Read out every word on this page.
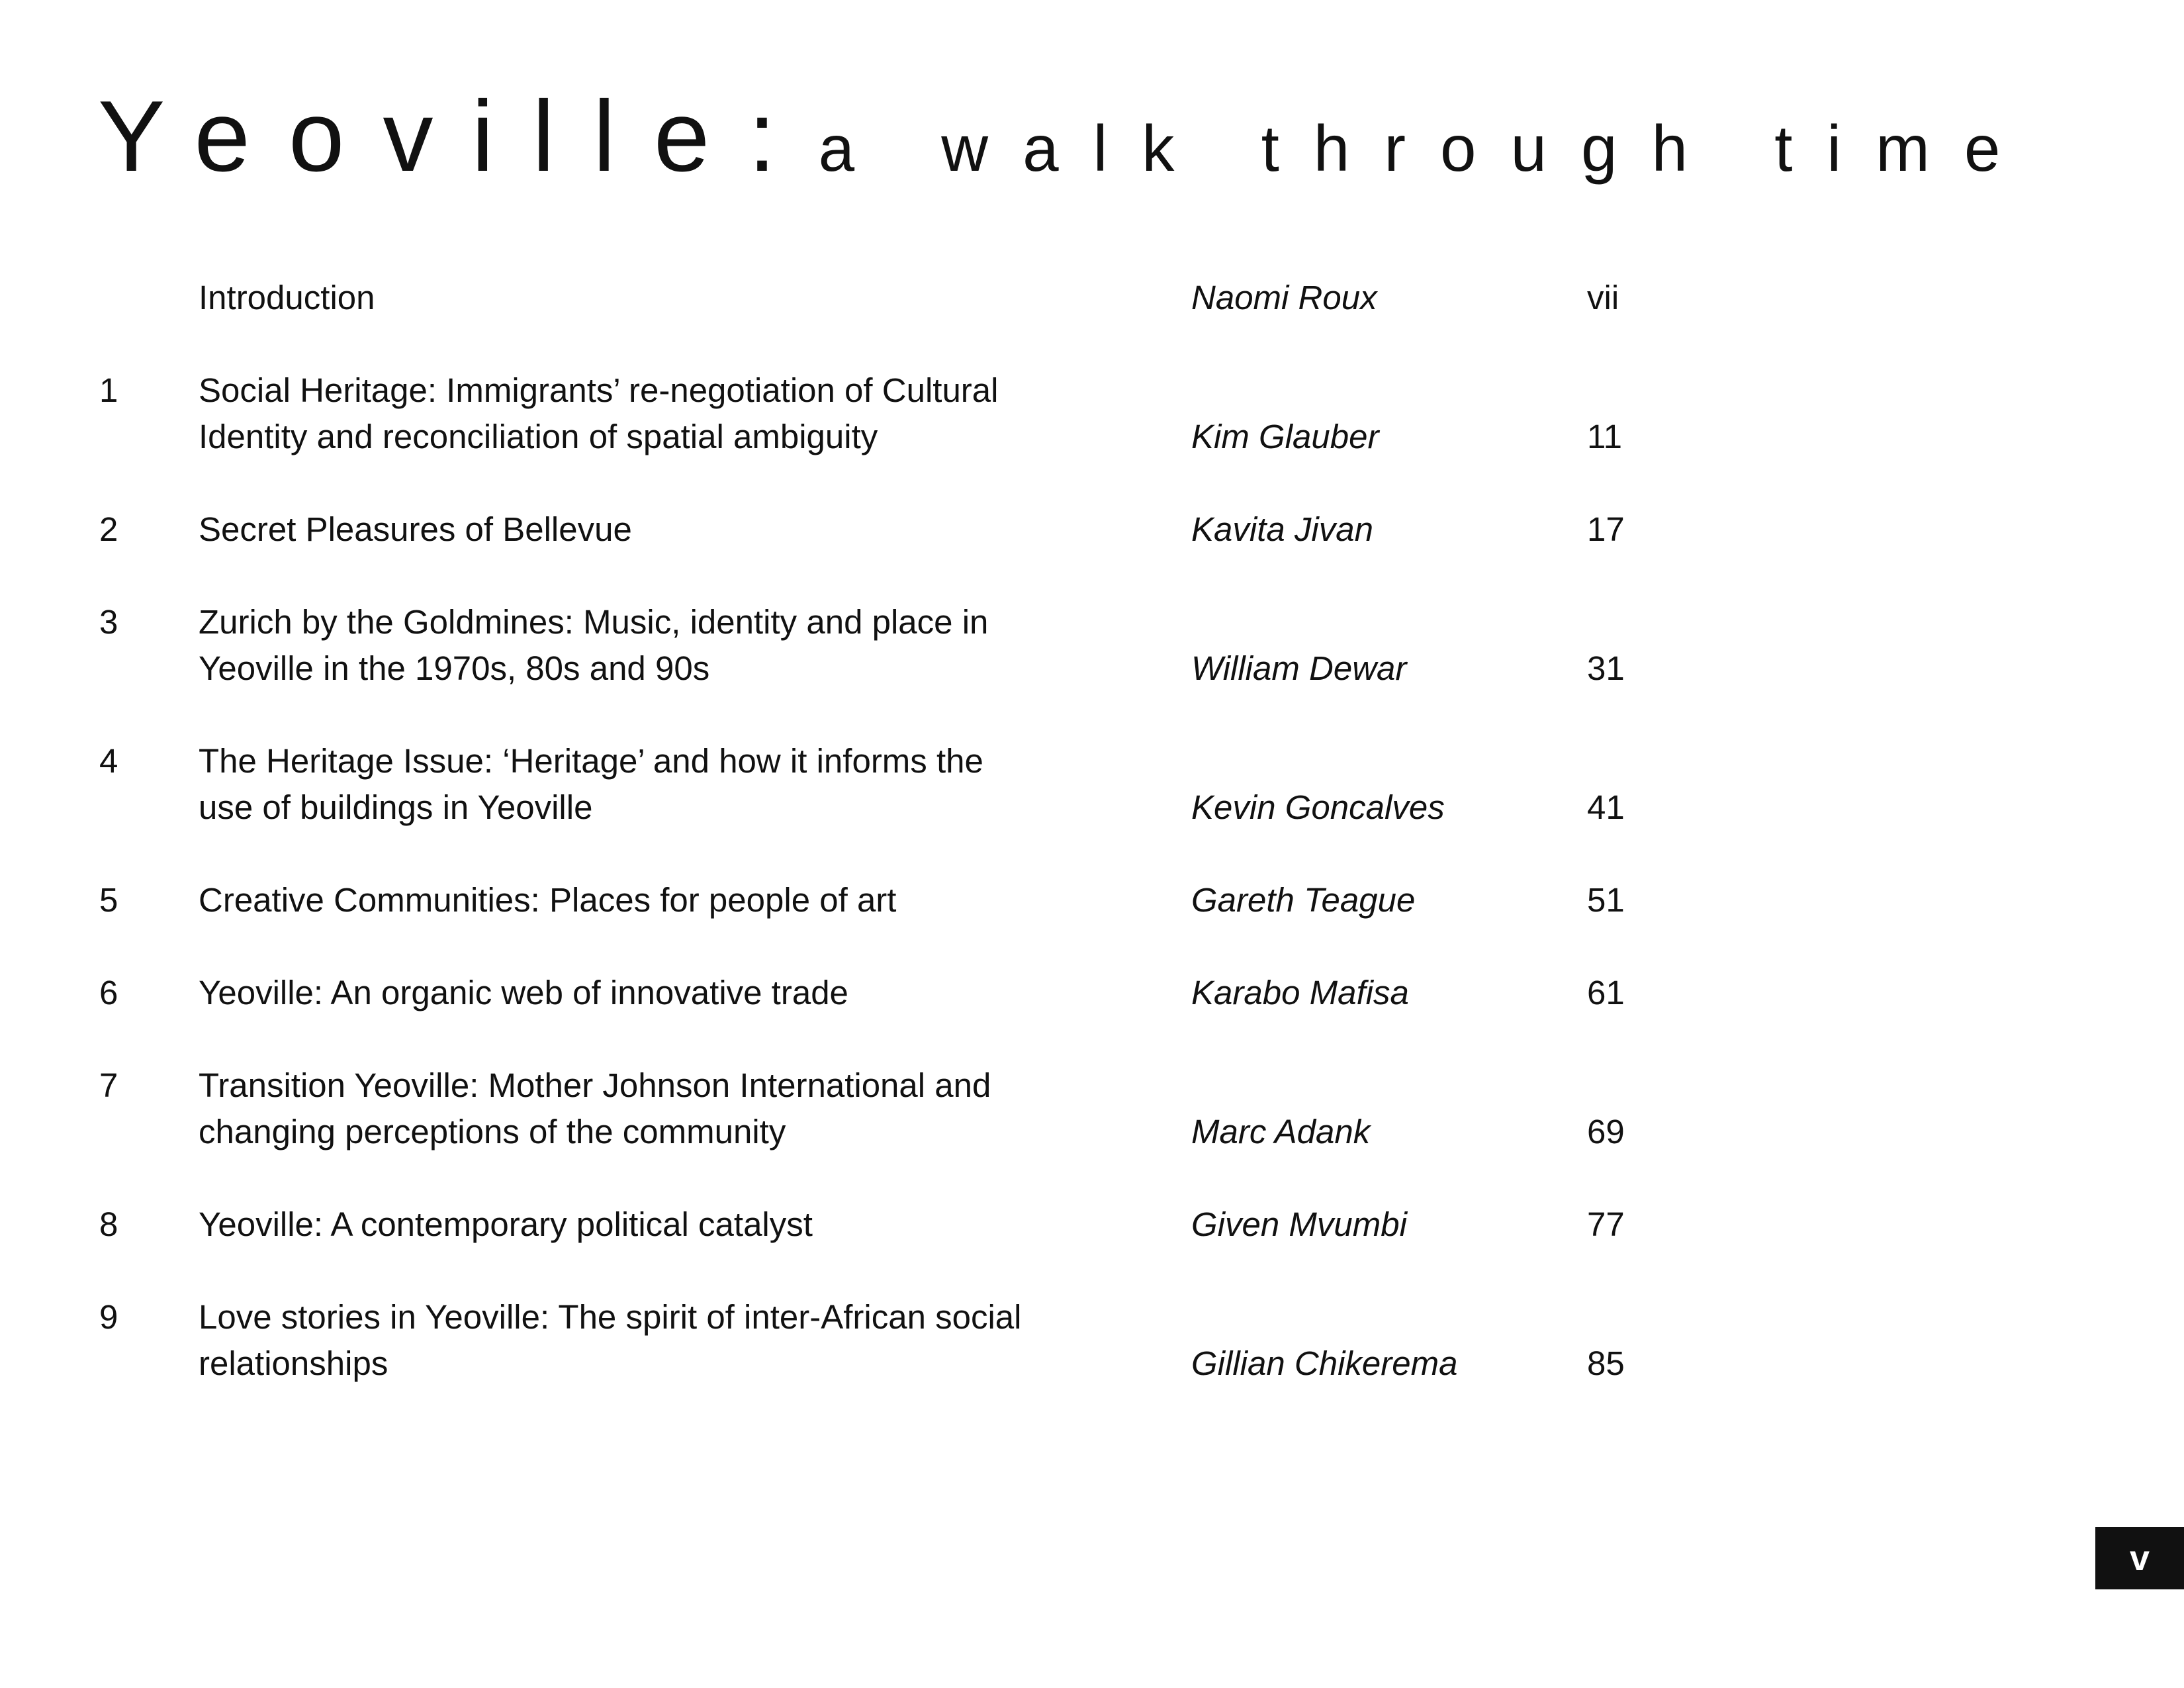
Yeoville:a walk through time
Introduction	Naomi Roux	vii
1 Social Heritage: Immigrants’ re-negotiation of Cultural
Identity and reconciliation of spatial ambiguity	Kim Glauber	11
2 Secret Pleasures of Bellevue	Kavita Jivan	17
3 Zurich by the Goldmines: Music, identity and place in
Yeoville in the 1970s, 80s and 90s	William Dewar	31
4 The Heritage Issue: ‘Heritage’ and how it informs the
use of buildings in Yeoville	Kevin Goncalves	41
5 Creative Communities: Places for people of art	Gareth Teague	51
6 Yeoville: An organic web of innovative trade	Karabo Mafisa	61
7 Transition Yeoville: Mother Johnson International and
changing perceptions of the community	Marc Adank	69
8 Yeoville: A contemporary political catalyst	Given Mvumbi	77
9 Love stories in Yeoville: The spirit of inter-African social
relationships	Gillian Chikerema	85
v
